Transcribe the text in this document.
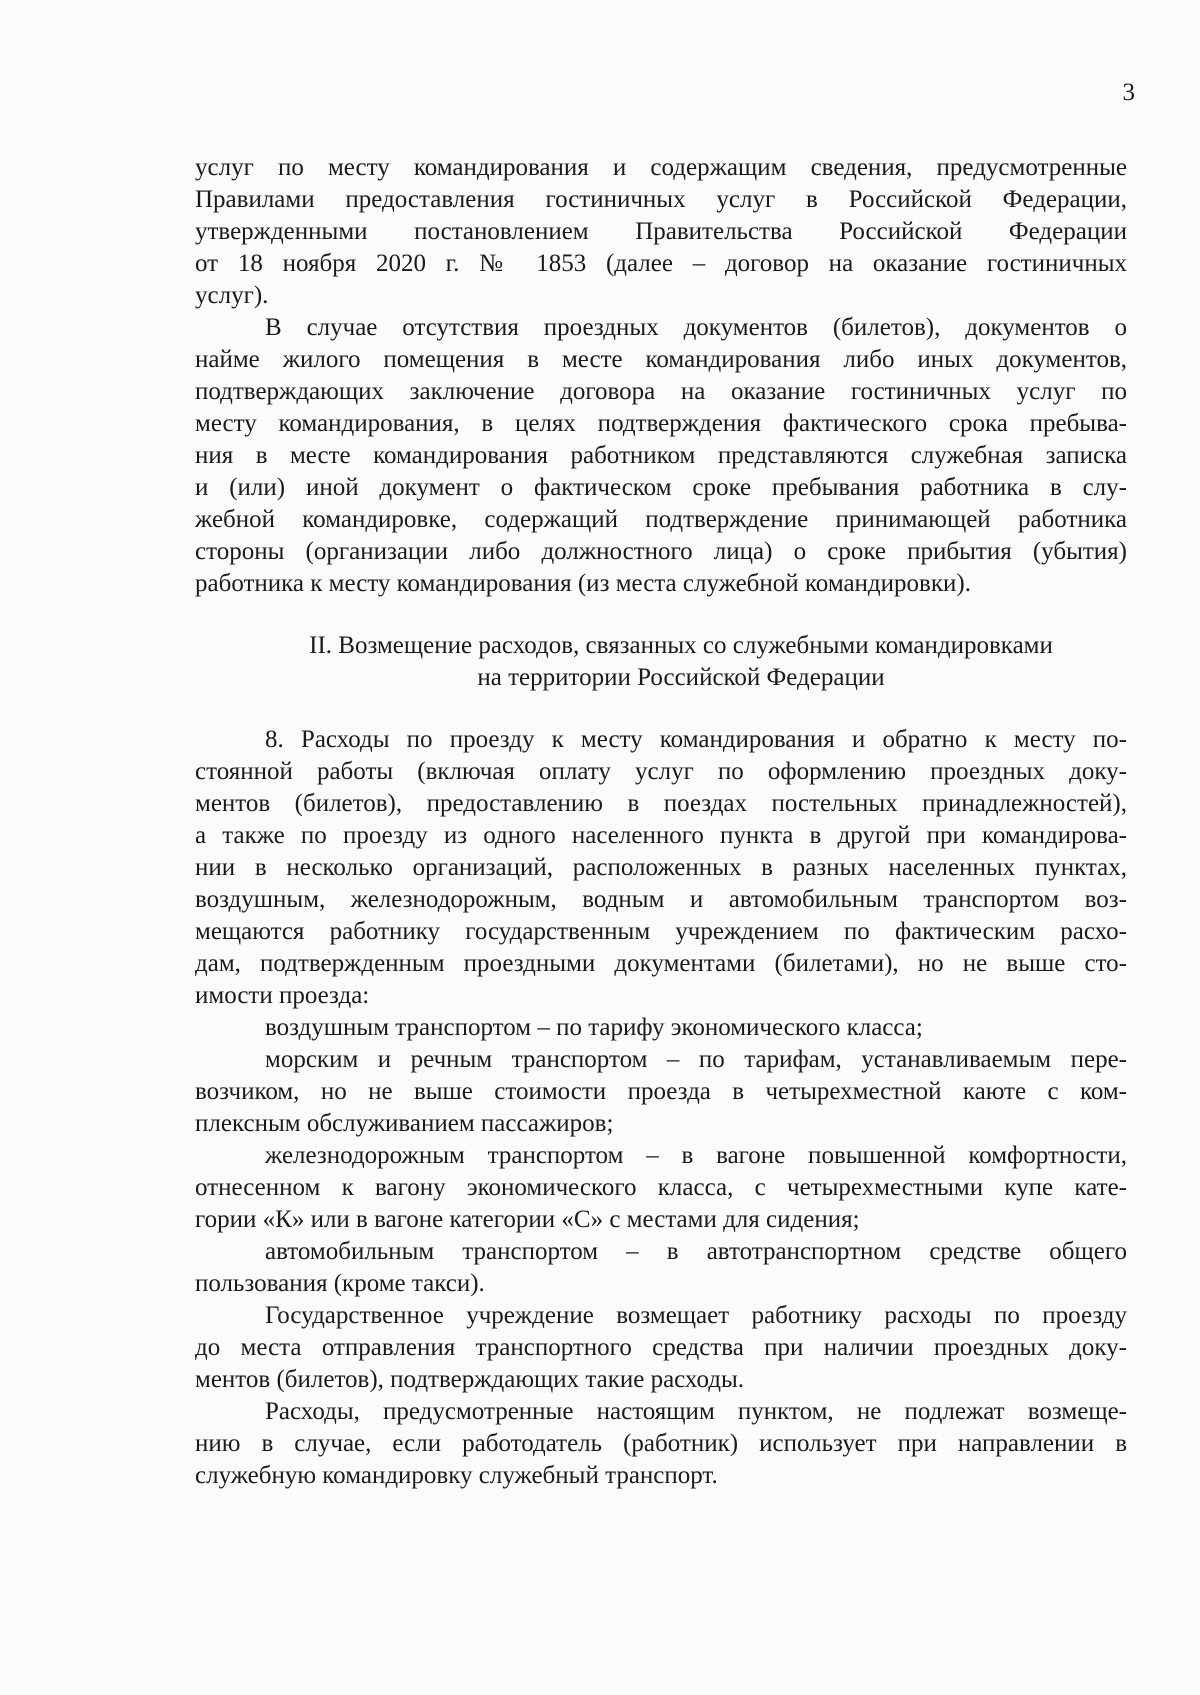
3
услуг по месту командирования и содержащим сведения, предусмотренные
Правилами предоставления гостиничных услуг в Российской Федерации,
утвержденными постановлением Правительства Российской Федерации
от 18 ноября 2020 г. № 1853 (далее – договор на оказание гостиничных
услуг).
В случае отсутствия проездных документов (билетов), документов о
найме жилого помещения в месте командирования либо иных документов,
подтверждающих заключение договора на оказание гостиничных услуг по
месту командирования, в целях подтверждения фактического срока пребыва-
ния в месте командирования работником представляются служебная записка
и (или) иной документ о фактическом сроке пребывания работника в слу-
жебной командировке, содержащий подтверждение принимающей работника
стороны (организации либо должностного лица) о сроке прибытия (убытия)
работника к месту командирования (из места служебной командировки).
II. Возмещение расходов, связанных со служебными командировками
на территории Российской Федерации
8. Расходы по проезду к месту командирования и обратно к месту по-
стоянной работы (включая оплату услуг по оформлению проездных доку-
ментов (билетов), предоставлению в поездах постельных принадлежностей),
а также по проезду из одного населенного пункта в другой при командирова-
нии в несколько организаций, расположенных в разных населенных пунктах,
воздушным, железнодорожным, водным и автомобильным транспортом воз-
мещаются работнику государственным учреждением по фактическим расхо-
дам, подтвержденным проездными документами (билетами), но не выше сто-
имости проезда:
воздушным транспортом – по тарифу экономического класса;
морским и речным транспортом – по тарифам, устанавливаемым пере-
возчиком, но не выше стоимости проезда в четырехместной каюте с ком-
плексным обслуживанием пассажиров;
железнодорожным транспортом – в вагоне повышенной комфортности,
отнесенном к вагону экономического класса, с четырехместными купе кате-
гории «К» или в вагоне категории «С» с местами для сидения;
автомобильным транспортом – в автотранспортном средстве общего
пользования (кроме такси).
Государственное учреждение возмещает работнику расходы по проезду
до места отправления транспортного средства при наличии проездных доку-
ментов (билетов), подтверждающих такие расходы.
Расходы, предусмотренные настоящим пунктом, не подлежат возмеще-
нию в случае, если работодатель (работник) использует при направлении в
служебную командировку служебный транспорт.
